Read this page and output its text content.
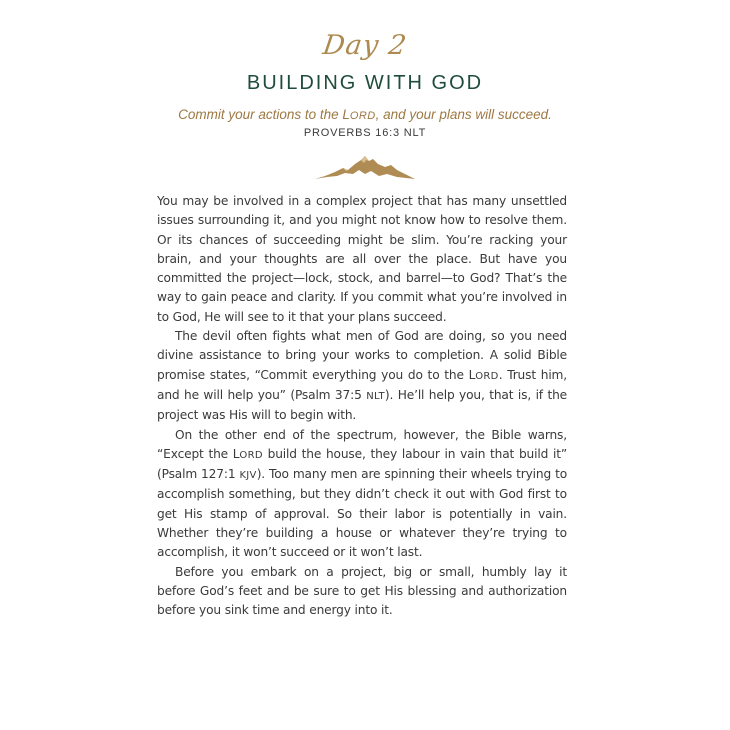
Day 2
BUILDING WITH GOD
Commit your actions to the LORD, and your plans will succeed.
PROVERBS 16:3 NLT

You may be involved in a complex project that has many unsettled issues surrounding it, and you might not know how to resolve them. Or its chances of succeeding might be slim. You’re racking your brain, and your thoughts are all over the place. But have you committed the project—lock, stock, and barrel—to God? That’s the way to gain peace and clarity. If you commit what you’re involved in to God, He will see to it that your plans succeed.

The devil often fights what men of God are doing, so you need divine assistance to bring your works to completion. A solid Bible promise states, “Commit everything you do to the LORD. Trust him, and he will help you” (Psalm 37:5 NLT). He’ll help you, that is, if the project was His will to begin with.

On the other end of the spectrum, however, the Bible warns, “Except the LORD build the house, they labour in vain that build it” (Psalm 127:1 KJV). Too many men are spinning their wheels trying to accomplish something, but they didn’t check it out with God first to get His stamp of approval. So their labor is potentially in vain. Whether they’re building a house or whatever they’re trying to accomplish, it won’t succeed or it won’t last.

Before you embark on a project, big or small, humbly lay it before God’s feet and be sure to get His blessing and authorization before you sink time and energy into it.
